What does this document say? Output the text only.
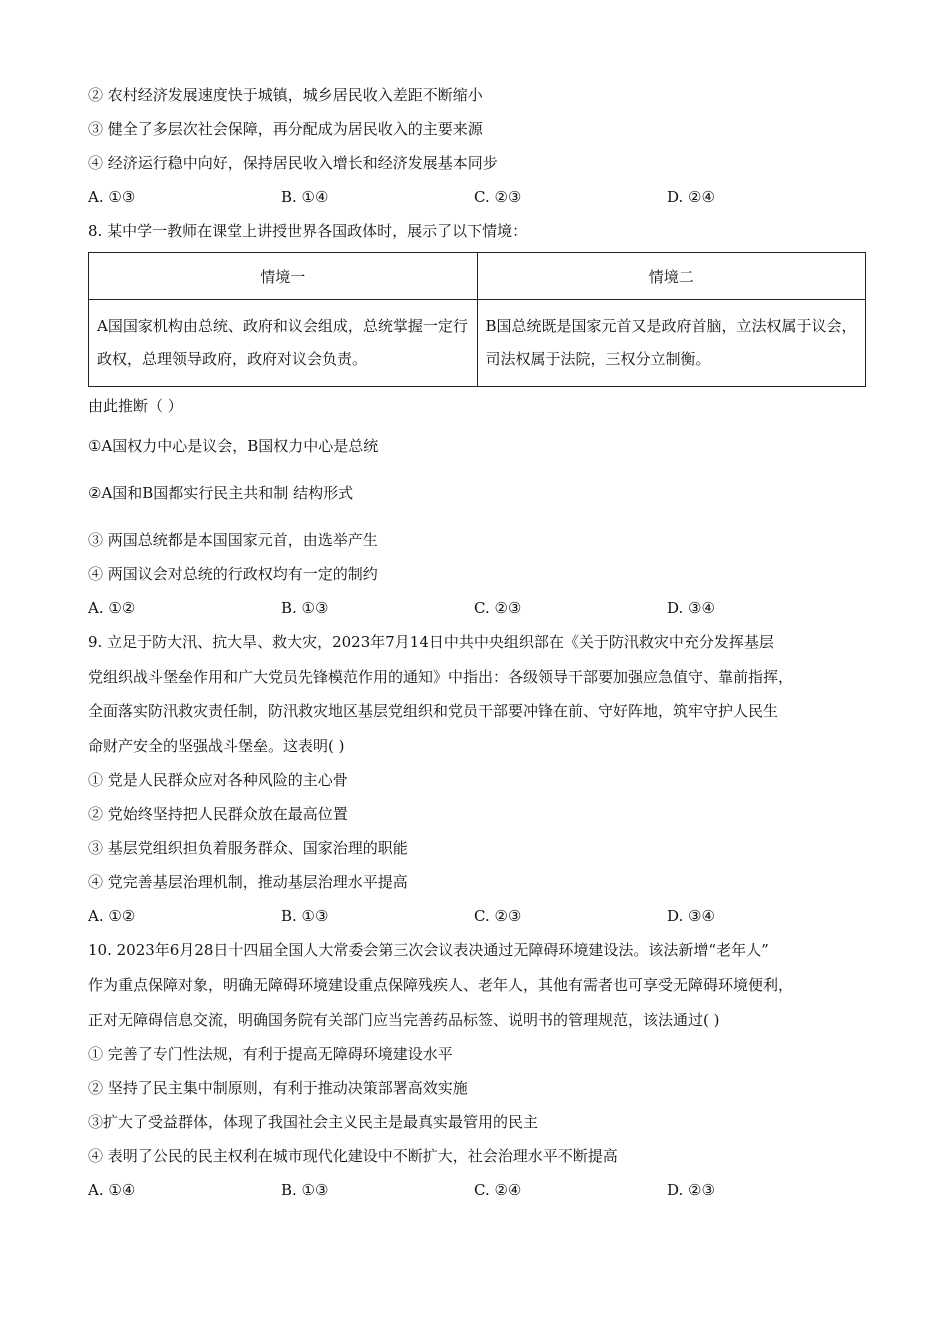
② 农村经济发展速度快于城镇，城乡居民收入差距不断缩小
③ 健全了多层次社会保障，再分配成为居民收入的主要来源
④ 经济运行稳中向好，保持居民收入增长和经济发展基本同步
A. ①③	B. ①④	C. ②③	D. ②④
8. 某中学一教师在课堂上讲授世界各国政体时，展示了以下情境：
情境一	情境二
A国国家机构由总统、政府和议会组成，总统掌握一定行政权，总理领导政府，政府对议会负责。	B国总统既是国家元首又是政府首脑，立法权属于议会，司法权属于法院，三权分立制衡。
由此推断（ ）
①A国权力中心是议会，B国权力中心是总统
②A国和B国都实行民主共和制 结构形式
③ 两国总统都是本国国家元首，由选举产生
④ 两国议会对总统的行政权均有一定的制约
A. ①②	B. ①③	C. ②③	D. ③④
9. 立足于防大汛、抗大旱、救大灾，2023年7月14日中共中央组织部在《关于防汛救灾中充分发挥基层
党组织战斗堡垒作用和广大党员先锋模范作用的通知》中指出：各级领导干部要加强应急值守、靠前指挥，
全面落实防汛救灾责任制，防汛救灾地区基层党组织和党员干部要冲锋在前、守好阵地，筑牢守护人民生
命财产安全的坚强战斗堡垒。这表明( )
① 党是人民群众应对各种风险的主心骨
② 党始终坚持把人民群众放在最高位置
③ 基层党组织担负着服务群众、国家治理的职能
④ 党完善基层治理机制，推动基层治理水平提高
A. ①②	B. ①③	C. ②③	D. ③④
10. 2023年6月28日十四届全国人大常委会第三次会议表决通过无障碍环境建设法。该法新增“老年人”
作为重点保障对象，明确无障碍环境建设重点保障残疾人、老年人，其他有需者也可享受无障碍环境便利，
正对无障碍信息交流，明确国务院有关部门应当完善药品标签、说明书的管理规范，该法通过( )
① 完善了专门性法规，有利于提高无障碍环境建设水平
② 坚持了民主集中制原则，有利于推动决策部署高效实施
③扩大了受益群体，体现了我国社会主义民主是最真实最管用的民主
④ 表明了公民的民主权利在城市现代化建设中不断扩大，社会治理水平不断提高
A. ①④	B. ①③	C. ②④	D. ②③
